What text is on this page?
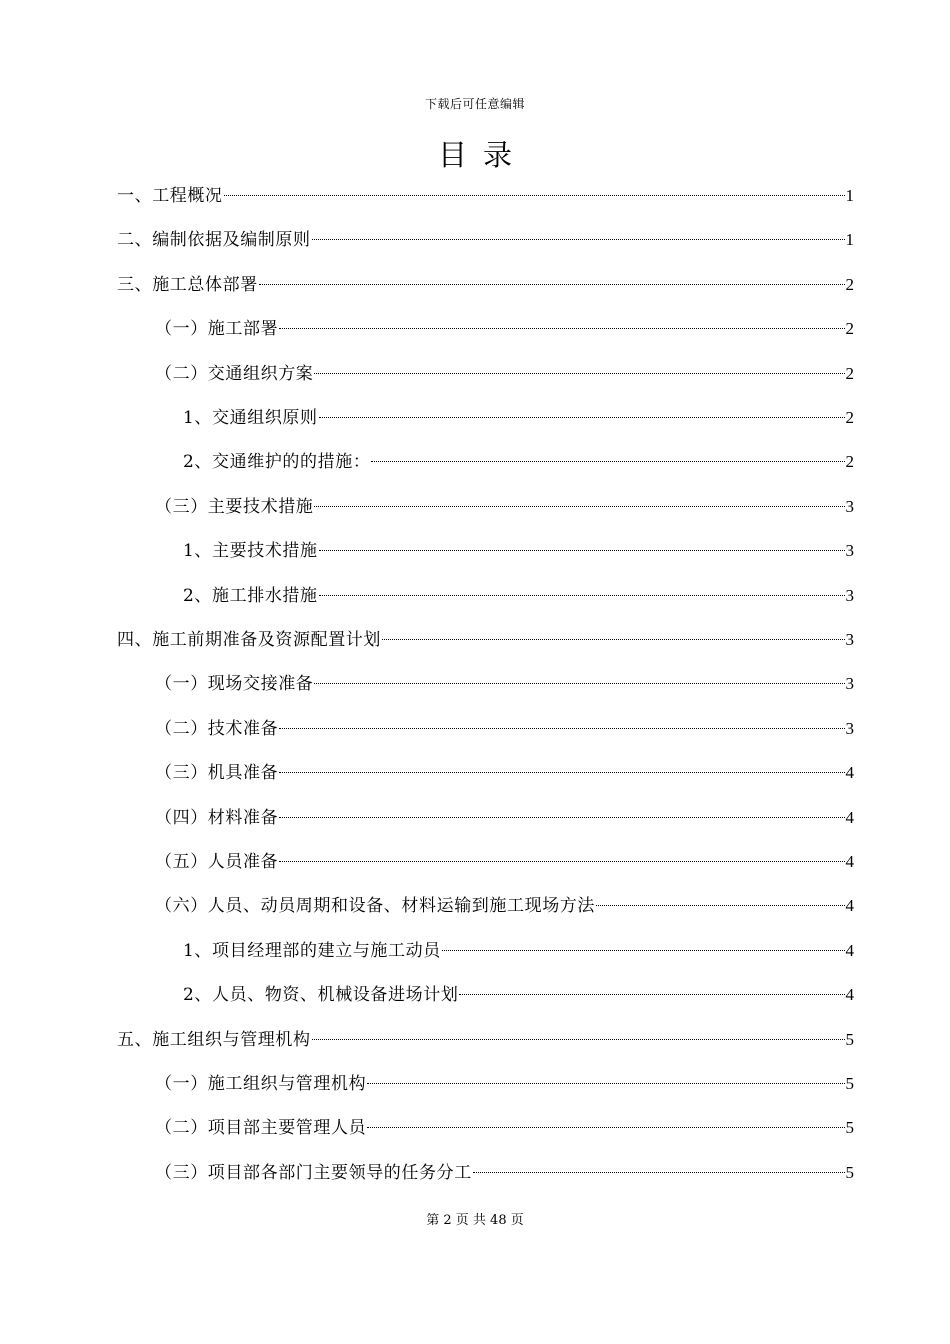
下载后可任意编辑
目录
一、工程概况	1
二、编制依据及编制原则	1
三、施工总体部署	2
（一）施工部署	2
（二）交通组织方案	2
1、交通组织原则	2
2、交通维护的的措施：	2
（三）主要技术措施	3
1、主要技术措施	3
2、施工排水措施	3
四、施工前期准备及资源配置计划	3
（一）现场交接准备	3
（二）技术准备	3
（三）机具准备	4
（四）材料准备	4
（五）人员准备	4
（六）人员、动员周期和设备、材料运输到施工现场方法	4
1、项目经理部的建立与施工动员	4
2、人员、物资、机械设备进场计划	4
五、施工组织与管理机构	5
（一）施工组织与管理机构	5
（二）项目部主要管理人员	5
（三）项目部各部门主要领导的任务分工	5
第 2 页 共 48 页
